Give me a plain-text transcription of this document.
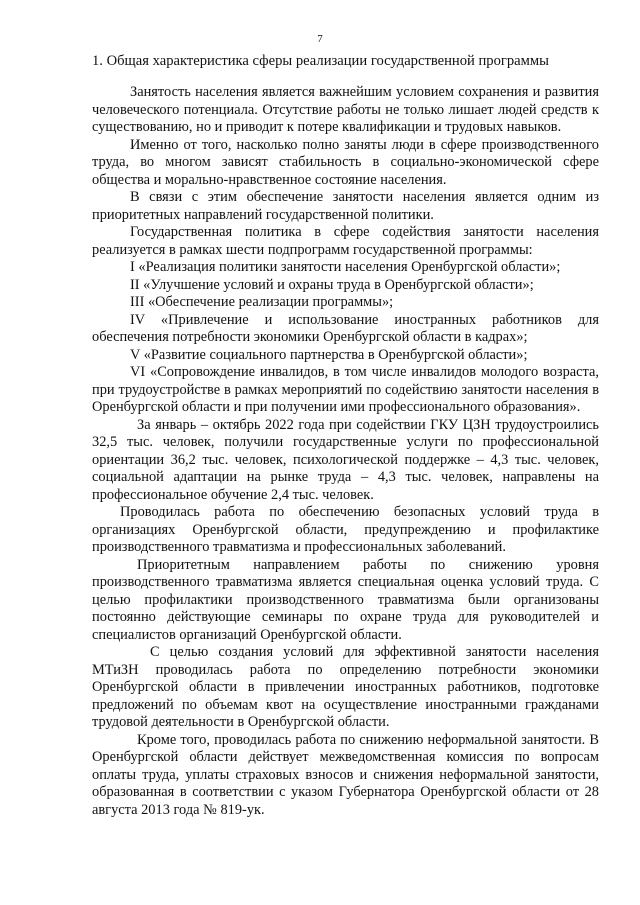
7
1. Общая характеристика сферы реализации государственной программы

Занятость населения является важнейшим условием сохранения и развития человеческого потенциала. Отсутствие работы не только лишает людей средств к существованию, но и приводит к потере квалификации и трудовых навыков.

Именно от того, насколько полно заняты люди в сфере производственного труда, во многом зависят стабильность в социально-экономической сфере общества и морально-нравственное состояние населения.

В связи с этим обеспечение занятости населения является одним из приоритетных направлений государственной политики.

Государственная политика в сфере содействия занятости населения реализуется в рамках шести подпрограмм государственной программы:

I «Реализация политики занятости населения Оренбургской области»;

II «Улучшение условий и охраны труда в Оренбургской области»;

III «Обеспечение реализации программы»;

IV «Привлечение и использование иностранных работников для обеспечения потребности экономики Оренбургской области в кадрах»;

V «Развитие социального партнерства в Оренбургской области»;

VI «Сопровождение инвалидов, в том числе инвалидов молодого возраста, при трудоустройстве в рамках мероприятий по содействию занятости населения в Оренбургской области и при получении ими профессионального образования».

За январь – октябрь 2022 года при содействии ГКУ ЦЗН трудоустроились 32,5 тыс. человек, получили государственные услуги по профессиональной ориентации 36,2 тыс. человек, психологической поддержке – 4,3 тыс. человек, социальной адаптации на рынке труда – 4,3 тыс. человек, направлены на профессиональное обучение 2,4 тыс. человек.

Проводилась работа по обеспечению безопасных условий труда в организациях Оренбургской области, предупреждению и профилактике производственного травматизма и профессиональных заболеваний.

Приоритетным направлением работы по снижению уровня производственного травматизма является специальная оценка условий труда. С целью профилактики производственного травматизма были организованы постоянно действующие семинары по охране труда для руководителей и специалистов организаций Оренбургской области.

С целью создания условий для эффективной занятости населения МТиЗН проводилась работа по определению потребности экономики Оренбургской области в привлечении иностранных работников, подготовке предложений по объемам квот на осуществление иностранными гражданами трудовой деятельности в Оренбургской области.

Кроме того, проводилась работа по снижению неформальной занятости. В Оренбургской области действует межведомственная комиссия по вопросам оплаты труда, уплаты страховых взносов и снижения неформальной занятости, образованная в соответствии с указом Губернатора Оренбургской области от 28 августа 2013 года № 819-ук.
